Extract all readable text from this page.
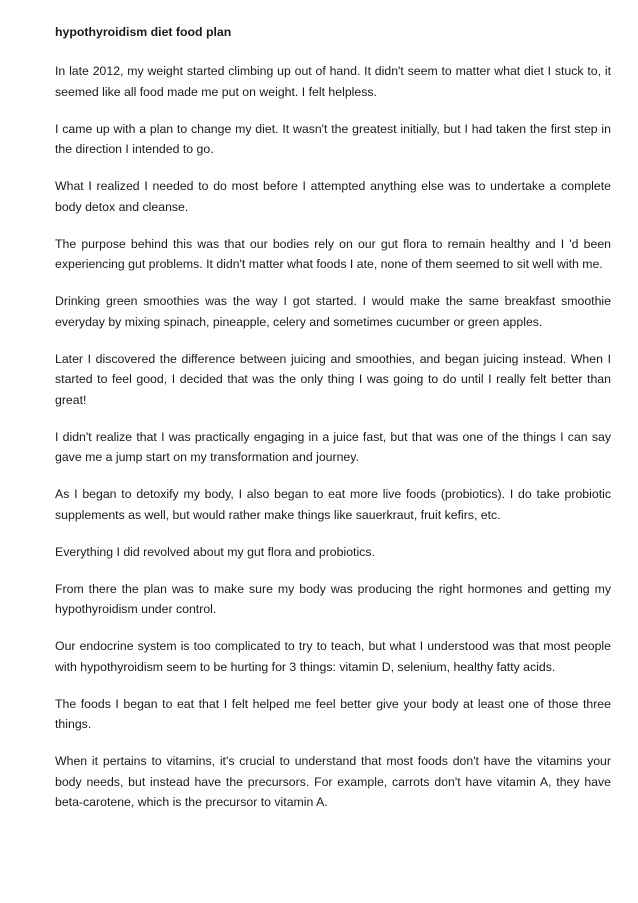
hypothyroidism diet food plan

In late 2012, my weight started climbing up out of hand. It didn't seem to matter what diet I stuck to, it seemed like all food made me put on weight. I felt helpless.

I came up with a plan to change my diet. It wasn't the greatest initially, but I had taken the first step in the direction I intended to go.

What I realized I needed to do most before I attempted anything else was to undertake a complete body detox and cleanse.

The purpose behind this was that our bodies rely on our gut flora to remain healthy and I 'd been experiencing gut problems. It didn't matter what foods I ate, none of them seemed to sit well with me.

Drinking green smoothies was the way I got started. I would make the same breakfast smoothie everyday by mixing spinach, pineapple, celery and sometimes cucumber or green apples.

Later I discovered the difference between juicing and smoothies, and began juicing instead. When I started to feel good, I decided that was the only thing I was going to do until I really felt better than great!

I didn't realize that I was practically engaging in a juice fast, but that was one of the things I can say gave me a jump start on my transformation and journey.

As I began to detoxify my body, I also began to eat more live foods (probiotics). I do take probiotic supplements as well, but would rather make things like sauerkraut, fruit kefirs, etc.

Everything I did revolved about my gut flora and probiotics.

From there the plan was to make sure my body was producing the right hormones and getting my hypothyroidism under control.

Our endocrine system is too complicated to try to teach, but what I understood was that most people with hypothyroidism seem to be hurting for 3 things: vitamin D, selenium, healthy fatty acids.

The foods I began to eat that I felt helped me feel better give your body at least one of those three things.

When it pertains to vitamins, it's crucial to understand that most foods don't have the vitamins your body needs, but instead have the precursors. For example, carrots don't have vitamin A, they have beta-carotene, which is the precursor to vitamin A.
